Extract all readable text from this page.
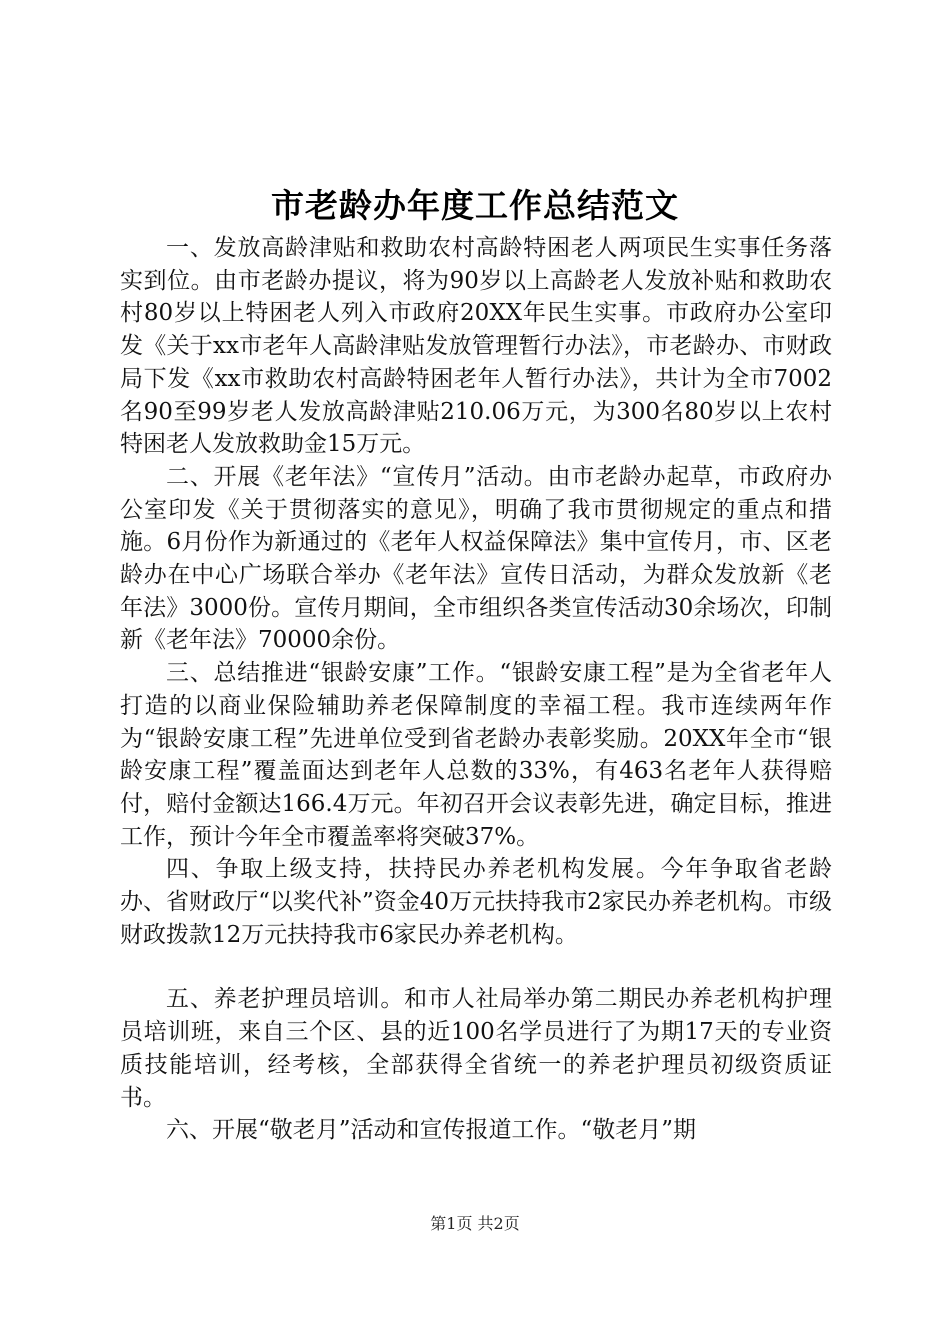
市老龄办年度工作总结范文

一、发放高龄津贴和救助农村高龄特困老人两项民生实事任务落实到位。由市老龄办提议，将为90岁以上高龄老人发放补贴和救助农村80岁以上特困老人列入市政府20XX年民生实事。市政府办公室印发《关于xx市老年人高龄津贴发放管理暂行办法》，市老龄办、市财政局下发《xx市救助农村高龄特困老年人暂行办法》，共计为全市7002名90至99岁老人发放高龄津贴210.06万元，为300名80岁以上农村特困老人发放救助金15万元。

二、开展《老年法》“宣传月”活动。由市老龄办起草，市政府办公室印发《关于贯彻落实的意见》，明确了我市贯彻规定的重点和措施。6月份作为新通过的《老年人权益保障法》集中宣传月，市、区老龄办在中心广场联合举办《老年法》宣传日活动，为群众发放新《老年法》3000份。宣传月期间，全市组织各类宣传活动30余场次，印制新《老年法》70000余份。

三、总结推进“银龄安康”工作。“银龄安康工程”是为全省老年人打造的以商业保险辅助养老保障制度的幸福工程。我市连续两年作为“银龄安康工程”先进单位受到省老龄办表彰奖励。20XX年全市“银龄安康工程”覆盖面达到老年人总数的33%，有463名老年人获得赔付，赔付金额达166.4万元。年初召开会议表彰先进，确定目标，推进工作，预计今年全市覆盖率将突破37%。

四、争取上级支持，扶持民办养老机构发展。今年争取省老龄办、省财政厅“以奖代补”资金40万元扶持我市2家民办养老机构。市级财政拨款12万元扶持我市6家民办养老机构。

五、养老护理员培训。和市人社局举办第二期民办养老机构护理员培训班，来自三个区、县的近100名学员进行了为期17天的专业资质技能培训，经考核，全部获得全省统一的养老护理员初级资质证书。

六、开展“敬老月”活动和宣传报道工作。“敬老月”期

第1页 共2页
